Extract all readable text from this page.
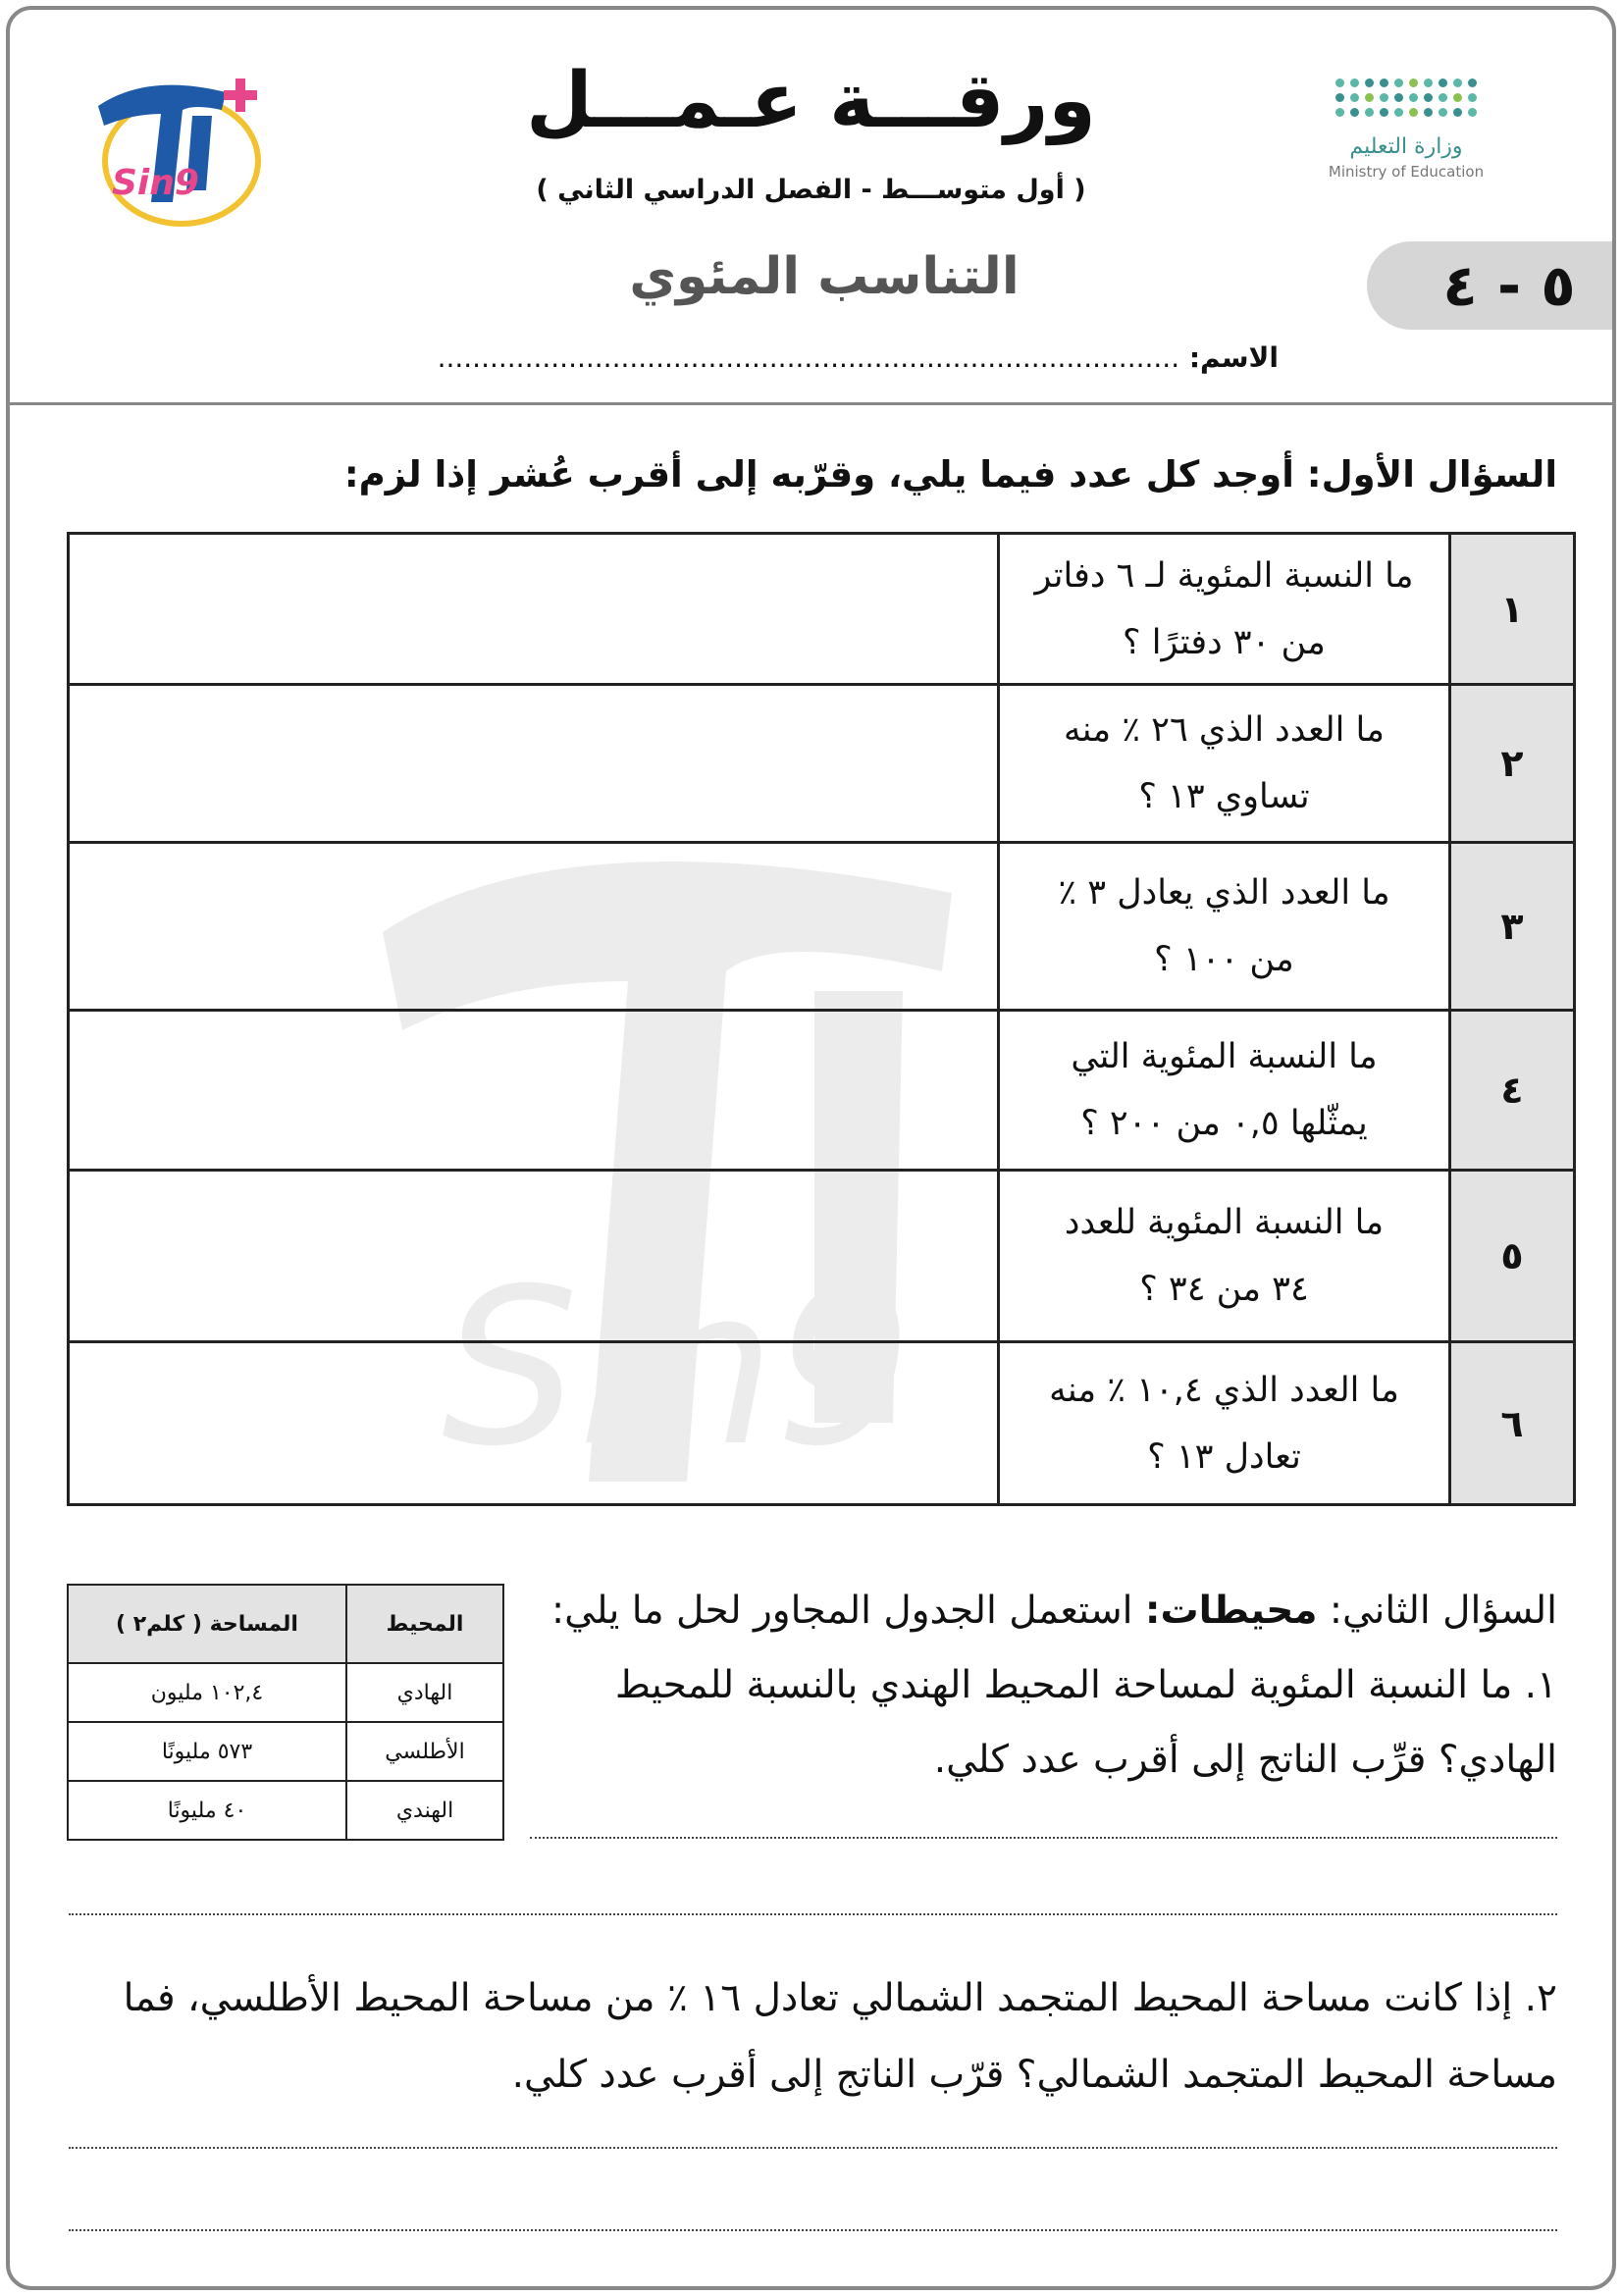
Sin9
وزارة التعليم
Ministry of Education
Sin9
ورقـــة عـمـــل
( أول متوســـط - الفصل الدراسي الثاني )
التناسب المئوي	٥ - ٤
الاسم: .....................................................................................
السؤال الأول: أوجد كل عدد فيما يلي، وقرّبه إلى أقرب عُشر إذا لزم:
١	ما النسبة المئوية لـ ٦ دفاتر
من ٣٠ دفترًا ؟	

٢	ما العدد الذي ٢٦ ٪ منه
تساوي ١٣ ؟	

٣	ما العدد الذي يعادل ٣ ٪
من ١٠٠ ؟	

٤	ما النسبة المئوية التي
يمثّلها ٠,٥ من ٢٠٠ ؟	

٥	ما النسبة المئوية للعدد
٣٤ من ٣٤ ؟	

٦	ما العدد الذي ١٠,٤ ٪ منه
تعادل ١٣ ؟	

المحيط	المساحة ( كلم٢ )
الهادي	١٠٢,٤ مليون
الأطلسي	٥٧٣ مليونًا
الهندي	٤٠ مليونًا
السؤال الثاني: محيطات: استعمل الجدول المجاور لحل ما يلي:
١. ما النسبة المئوية لمساحة المحيط الهندي بالنسبة للمحيط الهادي؟ قرِّب الناتج إلى أقرب عدد كلي.
٢. إذا كانت مساحة المحيط المتجمد الشمالي تعادل ١٦ ٪ من مساحة المحيط الأطلسي، فما مساحة المحيط المتجمد الشمالي؟ قرّب الناتج إلى أقرب عدد كلي.
